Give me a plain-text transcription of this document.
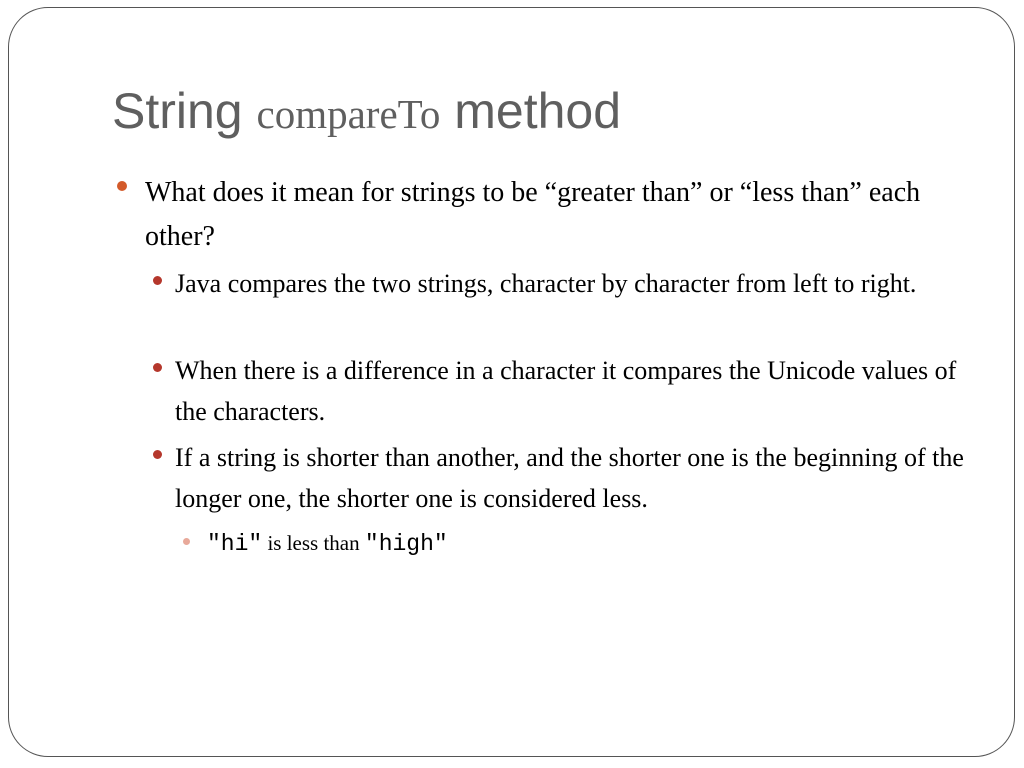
String compareTo method
What does it mean for strings to be “greater than” or “less than” each other?
Java compares the two strings, character by character from left to right.
When there is a difference in a character it compares the Unicode values of the characters.
If a string is shorter than another, and the shorter one is the beginning of the longer one, the shorter one is considered less.
"hi" is less than "high"
